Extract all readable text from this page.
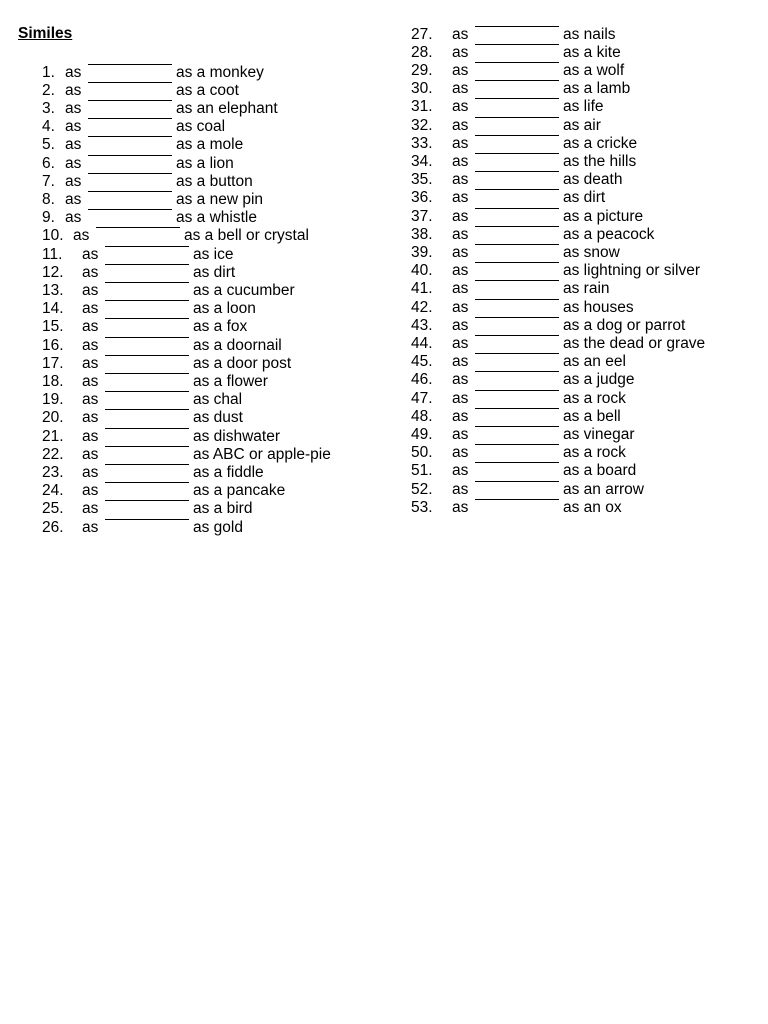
Similes
1. as	as a monkey
2. as	as a coot
3. as	as an elephant
4. as	as coal
5. as	as a mole
6. as	as a lion
7. as	as a button
8. as	as a new pin
9. as	as a whistle
10. as	as a bell or crystal
11. as	as ice
12. as	as dirt
13. as	as a cucumber
14. as	as a loon
15. as	as a fox
16. as	as a doornail
17. as	as a door post
18. as	as a flower
19. as	as chal
20. as	as dust
21. as	as dishwater
22. as	as ABC or apple-pie
23. as	as a fiddle
24. as	as a pancake
25. as	as a bird
26. as	as gold
27. as	as nails
28. as	as a kite
29. as	as a wolf
30. as	as a lamb
31. as	as life
32. as	as air
33. as	as a cricke
34. as	as the hills
35. as	as death
36. as	as dirt
37. as	as a picture
38. as	as a peacock
39. as	as snow
40. as	as lightning or silver
41. as	as rain
42. as	as houses
43. as	as a dog or parrot
44. as	as the dead or grave
45. as	as an eel
46. as	as a judge
47. as	as a rock
48. as	as a bell
49. as	as vinegar
50. as	as a rock
51. as	as a board
52. as	as an arrow
53. as	as an ox
